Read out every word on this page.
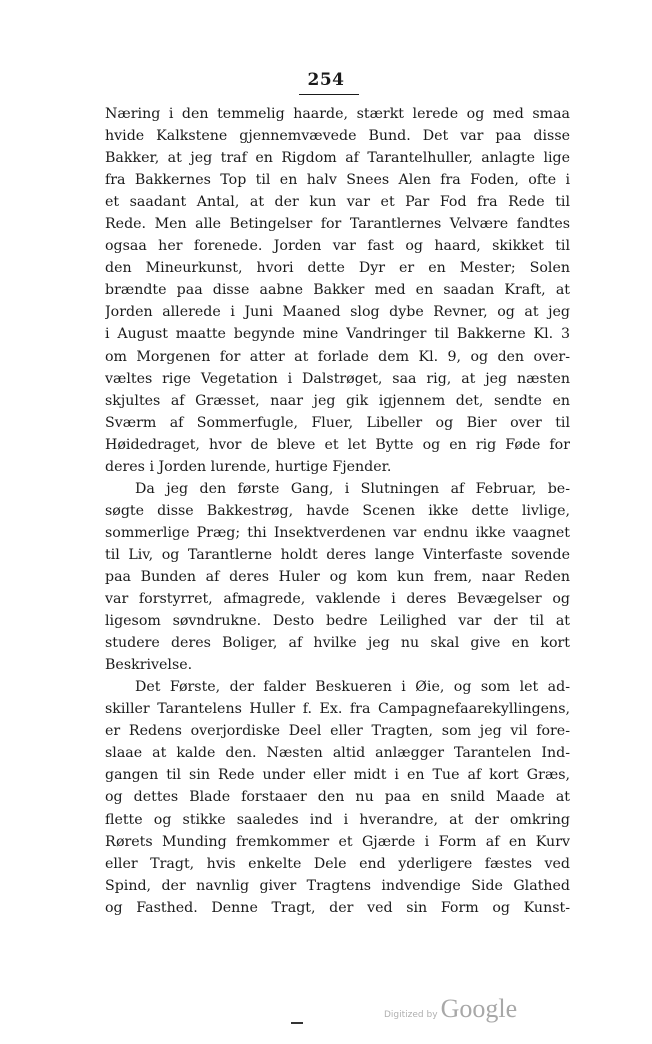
254
Næring i den temmelig haarde, stærkt lerede og med smaa
hvide Kalkstene gjennemvævede Bund. Det var paa disse
Bakker, at jeg traf en Rigdom af Tarantelhuller, anlagte lige
fra Bakkernes Top til en halv Snees Alen fra Foden, ofte i
et saadant Antal, at der kun var et Par Fod fra Rede til
Rede. Men alle Betingelser for Tarantlernes Velvære fandtes
ogsaa her forenede. Jorden var fast og haard, skikket til
den Mineurkunst, hvori dette Dyr er en Mester; Solen
brændte paa disse aabne Bakker med en saadan Kraft, at
Jorden allerede i Juni Maaned slog dybe Revner, og at jeg
i August maatte begynde mine Vandringer til Bakkerne Kl. 3
om Morgenen for atter at forlade dem Kl. 9, og den over-
væltes rige Vegetation i Dalstrøget, saa rig, at jeg næsten
skjultes af Græsset, naar jeg gik igjennem det, sendte en
Sværm af Sommerfugle, Fluer, Libeller og Bier over til
Høidedraget, hvor de bleve et let Bytte og en rig Føde for
deres i Jorden lurende, hurtige Fjender.
Da jeg den første Gang, i Slutningen af Februar, be-
søgte disse Bakkestrøg, havde Scenen ikke dette livlige,
sommerlige Præg; thi Insektverdenen var endnu ikke vaagnet
til Liv, og Tarantlerne holdt deres lange Vinterfaste sovende
paa Bunden af deres Huler og kom kun frem, naar Reden
var forstyrret, afmagrede, vaklende i deres Bevægelser og
ligesom søvndrukne. Desto bedre Leilighed var der til at
studere deres Boliger, af hvilke jeg nu skal give en kort
Beskrivelse.
Det Første, der falder Beskueren i Øie, og som let ad-
skiller Tarantelens Huller f. Ex. fra Campagnefaarekyllingens,
er Redens overjordiske Deel eller Tragten, som jeg vil fore-
slaae at kalde den. Næsten altid anlægger Tarantelen Ind-
gangen til sin Rede under eller midt i en Tue af kort Græs,
og dettes Blade forstaaer den nu paa en snild Maade at
flette og stikke saaledes ind i hverandre, at der omkring
Rørets Munding fremkommer et Gjærde i Form af en Kurv
eller Tragt, hvis enkelte Dele end yderligere fæstes ved
Spind, der navnlig giver Tragtens indvendige Side Glathed
og Fasthed. Denne Tragt, der ved sin Form og Kunst-
Digitized by Google
